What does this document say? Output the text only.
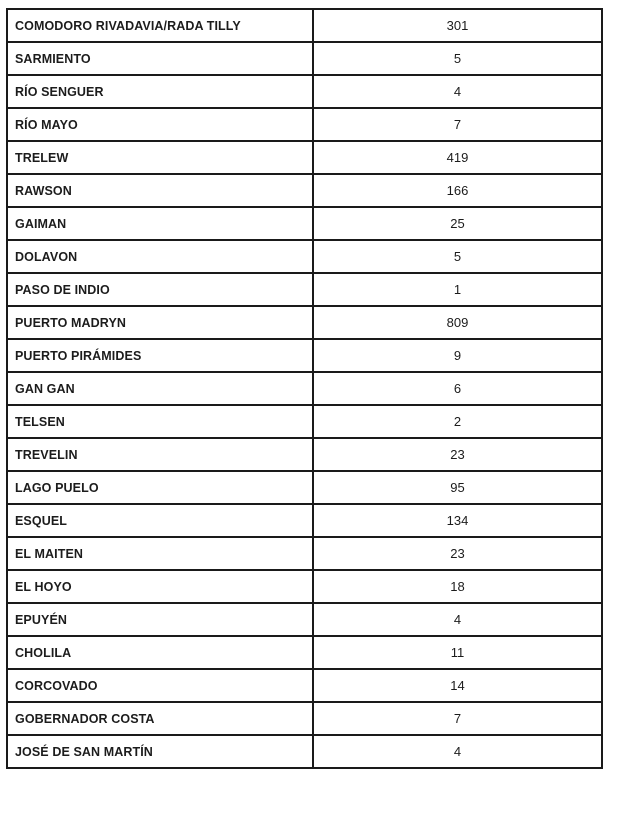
COMODORO RIVADAVIA/RADA TILLY	301
SARMIENTO	5
RÍO SENGUER	4
RÍO MAYO	7
TRELEW	419
RAWSON	166
GAIMAN	25
DOLAVON	5
PASO DE INDIO	1
PUERTO MADRYN	809
PUERTO PIRÁMIDES	9
GAN GAN	6
TELSEN	2
TREVELIN	23
LAGO PUELO	95
ESQUEL	134
EL MAITEN	23
EL HOYO	18
EPUYÉN	4
CHOLILA	11
CORCOVADO	14
GOBERNADOR COSTA	7
JOSÉ DE SAN MARTÍN	4
